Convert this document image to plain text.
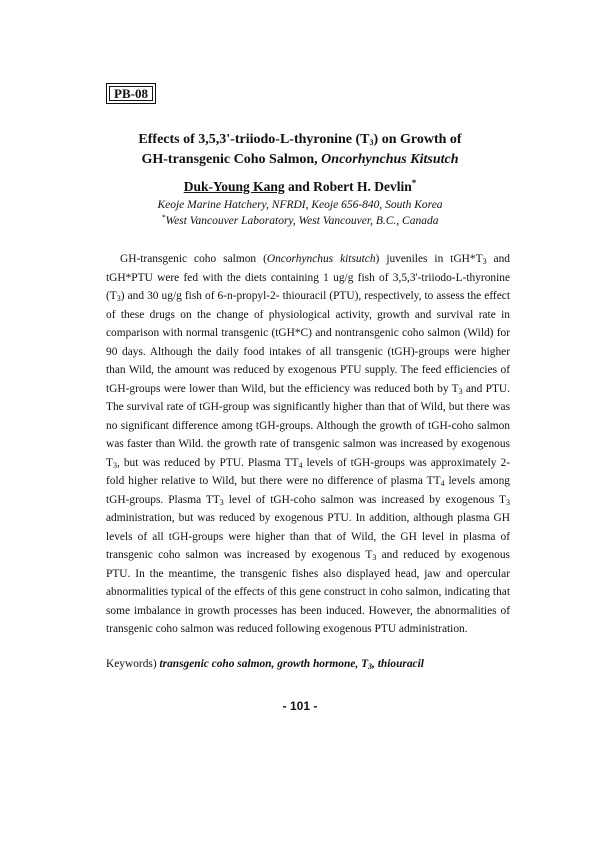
PB-08
Effects of 3,5,3'-triiodo-L-thyronine $(T_3)$ on Growth of
GH-transgenic Coho Salmon, Oncorhynchus Kitsutch
Duk-Young Kang and Robert H. Devlin*
Keoje Marine Hatchery, NFRDI, Keoje 656-840, South Korea
*West Vancouver Laboratory, West Vancouver, B.C., Canada

GH-transgenic coho salmon (Oncorhynchus kitsutch) juveniles in $tGH*T_3$ and tGH*PTU were fed with the diets containing 1 ug/g fish of 3,5,3'-triiodo-L-thyronine $(T_3)$ and 30 ug/g fish of 6-n-propyl-2- thiouracil (PTU), respectively, to assess the effect of these drugs on the change of physiological activity, growth and survival rate in comparison with normal transgenic (tGH*C) and nontransgenic coho salmon (Wild) for 90 days. Although the daily food intakes of all transgenic (tGH)-groups were higher than Wild, the amount was reduced by exogenous PTU supply. The feed efficiencies of tGH-groups were lower than Wild, but the efficiency was reduced both by $T_3$ and PTU. The survival rate of tGH-group was significantly higher than that of Wild, but there was no significant difference among tGH-groups. Although the growth of tGH-coho salmon was faster than Wild. the growth rate of transgenic salmon was increased by exogenous $T_3$, but was reduced by PTU. Plasma $TT_4$ levels of tGH-groups was approximately 2-fold higher relative to Wild, but there were no difference of plasma $TT_4$ levels among tGH-groups. Plasma $TT_3$ level of tGH-coho salmon was increased by exogenous $T_3$ administration, but was reduced by exogenous PTU. In addition, although plasma GH levels of all tGH-groups were higher than that of Wild, the GH level in plasma of transgenic coho salmon was increased by exogenous $T_3$ and reduced by exogenous PTU. In the meantime, the transgenic fishes also displayed head, jaw and opercular abnormalities typical of the effects of this gene construct in coho salmon, indicating that some imbalance in growth processes has been induced. However, the abnormalities of transgenic coho salmon was reduced following exogenous PTU administration.

Keywords) transgenic coho salmon, growth hormone, $T_3$, thiouracil
- 101 -
